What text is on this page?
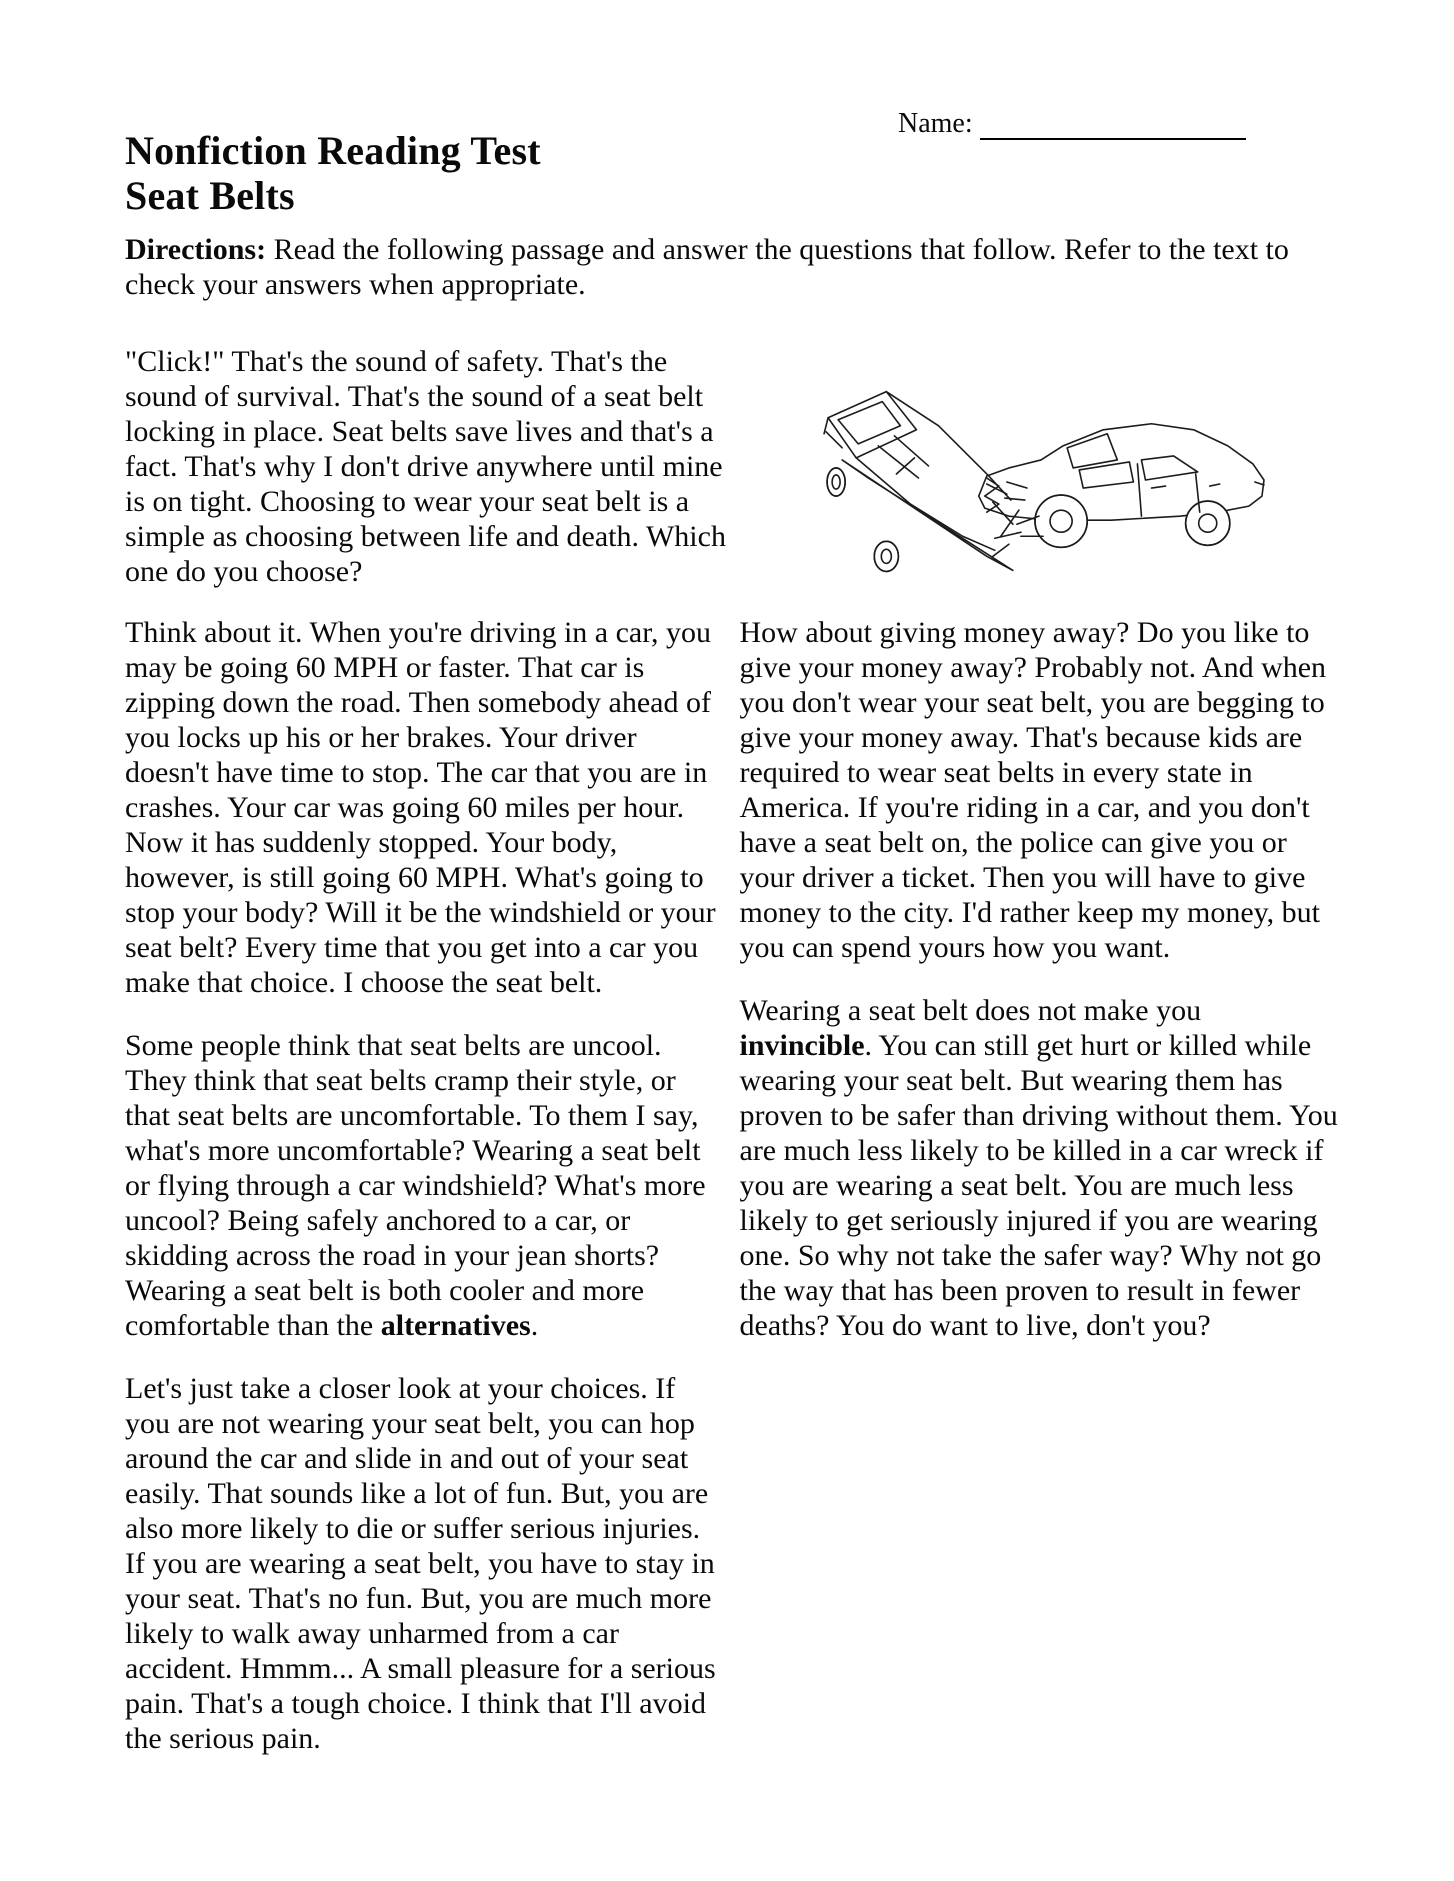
Name:
Nonfiction Reading Test
Seat Belts

Directions: Read the following passage and answer the questions that follow. Refer to the text to check your answers when appropriate.

"Click!" That's the sound of safety. That's the sound of survival. That's the sound of a seat belt locking in place. Seat belts save lives and that's a fact. That's why I don't drive anywhere until mine is on tight. Choosing to wear your seat belt is a simple as choosing between life and death. Which one do you choose?

Think about it. When you're driving in a car, you may be going 60 MPH or faster. That car is zipping down the road. Then somebody ahead of you locks up his or her brakes. Your driver doesn't have time to stop. The car that you are in crashes. Your car was going 60 miles per hour. Now it has suddenly stopped. Your body, however, is still going 60 MPH. What's going to stop your body? Will it be the windshield or your seat belt? Every time that you get into a car you make that choice. I choose the seat belt.

Some people think that seat belts are uncool. They think that seat belts cramp their style, or that seat belts are uncomfortable. To them I say, what's more uncomfortable? Wearing a seat belt or flying through a car windshield? What's more uncool? Being safely anchored to a car, or skidding across the road in your jean shorts? Wearing a seat belt is both cooler and more comfortable than the alternatives.

Let's just take a closer look at your choices. If you are not wearing your seat belt, you can hop around the car and slide in and out of your seat easily. That sounds like a lot of fun. But, you are also more likely to die or suffer serious injuries. If you are wearing a seat belt, you have to stay in your seat. That's no fun. But, you are much more likely to walk away unharmed from a car accident. Hmmm... A small pleasure for a serious pain. That's a tough choice. I think that I'll avoid the serious pain.

How about giving money away? Do you like to give your money away? Probably not. And when you don't wear your seat belt, you are begging to give your money away. That's because kids are required to wear seat belts in every state in America. If you're riding in a car, and you don't have a seat belt on, the police can give you or your driver a ticket. Then you will have to give money to the city. I'd rather keep my money, but you can spend yours how you want.

Wearing a seat belt does not make you invincible. You can still get hurt or killed while wearing your seat belt. But wearing them has proven to be safer than driving without them. You are much less likely to be killed in a car wreck if you are wearing a seat belt. You are much less likely to get seriously injured if you are wearing one. So why not take the safer way? Why not go the way that has been proven to result in fewer deaths? You do want to live, don't you?
